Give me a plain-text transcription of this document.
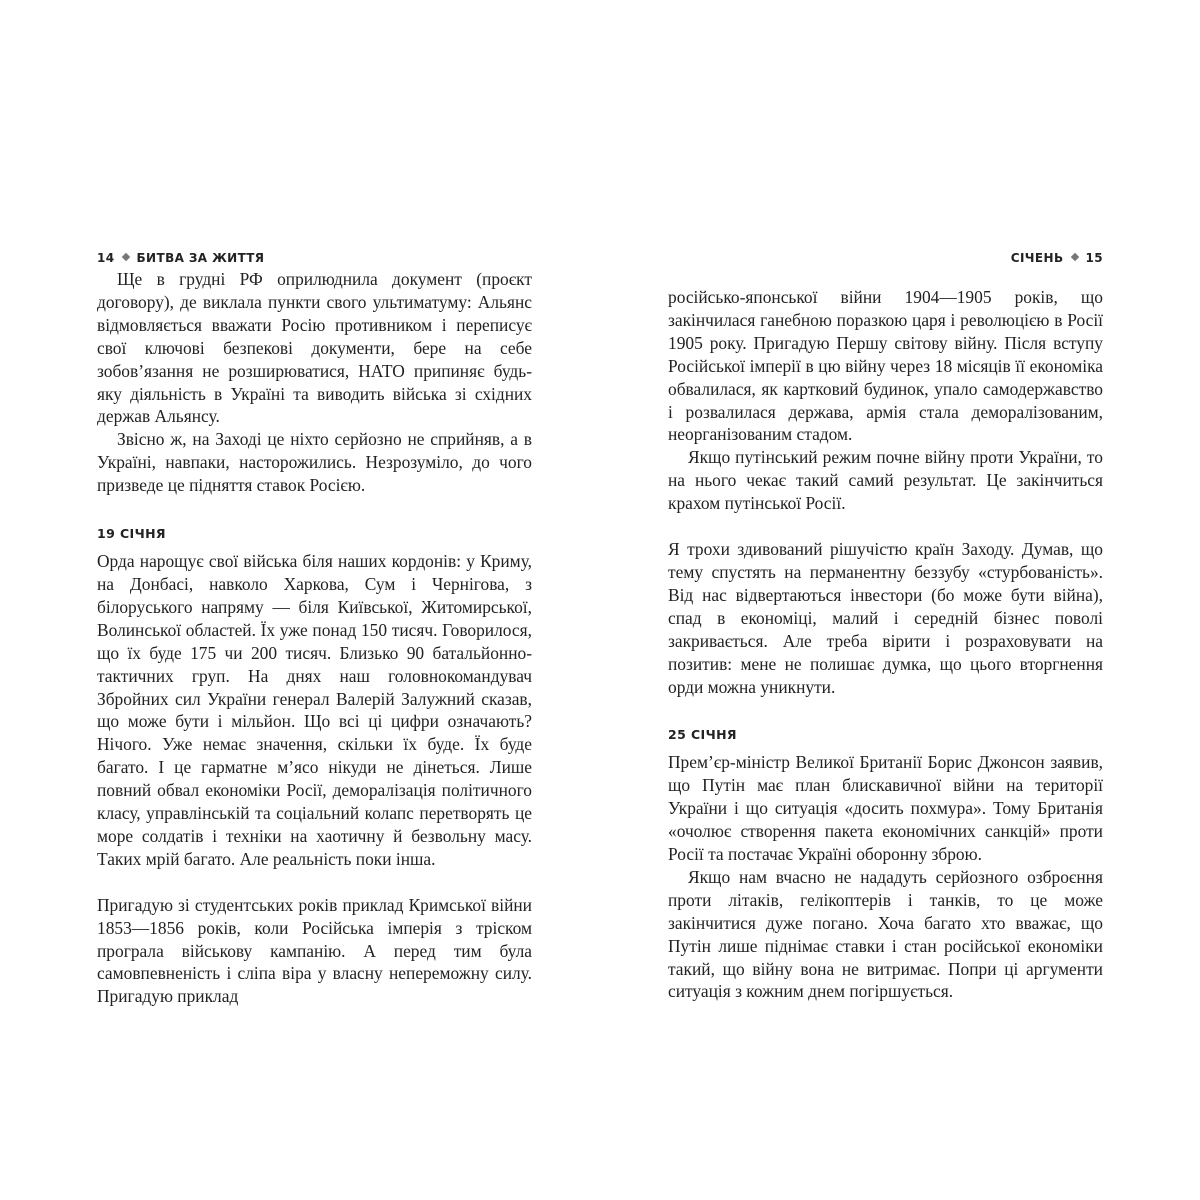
14 БИТВА ЗА ЖИТТЯ

Ще в грудні РФ оприлюднила документ (проєкт договору), де виклала пункти свого ультиматуму: Альянс відмовляється вважати Росію противником і переписує свої ключові безпекові документи, бере на себе зобов’язання не розширюватися, НАТО припиняє будь-яку діяльність в Україні та виводить війська зі східних держав Альянсу.

Звісно ж, на Заході це ніхто серйозно не сприйняв, а в Україні, навпаки, насторожились. Незрозуміло, до чого призведе це підняття ставок Росією.

19 СІЧНЯ

Орда нарощує свої війська біля наших кордонів: у Криму, на Донбасі, навколо Харкова, Сум і Чернігова, з білоруського напряму — біля Київської, Житомирської, Волинської областей. Їх уже понад 150 тисяч. Говорилося, що їх буде 175 чи 200 тисяч. Близько 90 батальйонно-тактичних груп. На днях наш головнокомандувач Збройних сил України генерал Валерій Залужний сказав, що може бути і мільйон. Що всі ці цифри означають? Нічого. Уже немає значення, скільки їх буде. Їх буде багато. І це гарматне м’ясо нікуди не дінеться. Лише повний обвал економіки Росії, деморалізація політичного класу, управлінській та соціальний колапс перетворять це море солдатів і техніки на хаотичну й безвольну масу. Таких мрій багато. Але реальність поки інша.

Пригадую зі студентських років приклад Кримської війни 1853—1856 років, коли Російська імперія з тріском програла військову кампанію. А перед тим була самовпевненість і сліпа віра у власну непереможну силу. Пригадую приклад

СІЧЕНЬ 15

російсько-японської війни 1904—1905 років, що закінчилася ганебною поразкою царя і революцією в Росії 1905 року. Пригадую Першу світову війну. Після вступу Російської імперії в цю війну через 18 місяців її економіка обвалилася, як картковий будинок, упало самодержавство і розвалилася держава, армія стала деморалізованим, неорганізованим стадом.

Якщо путінський режим почне війну проти України, то на нього чекає такий самий результат. Це закінчиться крахом путінської Росії.

Я трохи здивований рішучістю країн Заходу. Думав, що тему спустять на перманентну беззубу «стурбованість». Від нас відвертаються інвестори (бо може бути війна), спад в економіці, малий і середній бізнес поволі закривається. Але треба вірити і розраховувати на позитив: мене не полишає думка, що цього вторгнення орди можна уникнути.

25 СІЧНЯ

Прем’єр-міністр Великої Британії Борис Джонсон заявив, що Путін має план блискавичної війни на території України і що ситуація «досить похмура». Тому Британія «очолює створення пакета економічних санкцій» проти Росії та постачає Україні оборонну зброю.

Якщо нам вчасно не нададуть серйозного озброєння проти літаків, гелікоптерів і танків, то це може закінчитися дуже погано. Хоча багато хто вважає, що Путін лише піднімає ставки і стан російської економіки такий, що війну вона не витримає. Попри ці аргументи ситуація з кожним днем погіршується.
